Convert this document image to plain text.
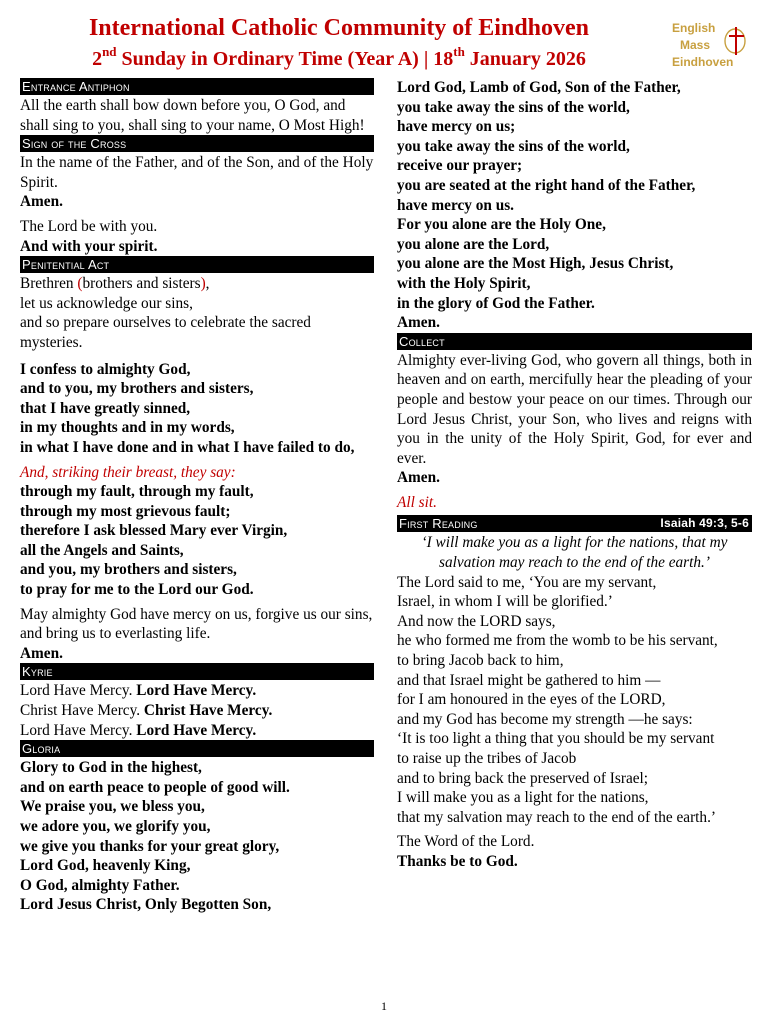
International Catholic Community of Eindhoven
2nd Sunday in Ordinary Time (Year A) | 18th January 2026
English
Mass
Eindhoven
Entrance Antiphon

All the earth shall bow down before you, O God, and shall sing to you, shall sing to your name, O Most High!

Sign of the Cross

In the name of the Father, and of the Son, and of the Holy Spirit.

Amen.

The Lord be with you.

And with your spirit.

Penitential Act

Brethren (brothers and sisters),

let us acknowledge our sins,

and so prepare ourselves to celebrate the sacred mysteries.

I confess to almighty God,

and to you, my brothers and sisters,

that I have greatly sinned,

in my thoughts and in my words,

in what I have done and in what I have failed to do,

And, striking their breast, they say:

through my fault, through my fault,

through my most grievous fault;

therefore I ask blessed Mary ever Virgin,

all the Angels and Saints,

and you, my brothers and sisters,

to pray for me to the Lord our God.

May almighty God have mercy on us, forgive us our sins, and bring us to everlasting life.

Amen.

Kyrie

Lord Have Mercy. Lord Have Mercy.

Christ Have Mercy. Christ Have Mercy.

Lord Have Mercy. Lord Have Mercy.

Gloria

Glory to God in the highest,

and on earth peace to people of good will.

We praise you, we bless you,

we adore you, we glorify you,

we give you thanks for your great glory,

Lord God, heavenly King,

O God, almighty Father.

Lord Jesus Christ, Only Begotten Son,

Lord God, Lamb of God, Son of the Father,

you take away the sins of the world,

have mercy on us;

you take away the sins of the world,

receive our prayer;

you are seated at the right hand of the Father,

have mercy on us.

For you alone are the Holy One,

you alone are the Lord,

you alone are the Most High, Jesus Christ,

with the Holy Spirit,

in the glory of God the Father.

Amen.

Collect

Almighty ever-living God, who govern all things, both in heaven and on earth, mercifully hear the pleading of your people and bestow your peace on our times. Through our Lord Jesus Christ, your Son, who lives and reigns with you in the unity of the Holy Spirit, God, for ever and ever.

Amen.

All sit.

First Reading	Isaiah 49:3, 5-6

‘I will make you as a light for the nations, that my salvation may reach to the end of the earth.’

The Lord said to me, ‘You are my servant,

Israel, in whom I will be glorified.’

And now the LORD says,

he who formed me from the womb to be his servant,

to bring Jacob back to him,

and that Israel might be gathered to him —

for I am honoured in the eyes of the LORD,

and my God has become my strength —he says:

‘It is too light a thing that you should be my servant

to raise up the tribes of Jacob

and to bring back the preserved of Israel;

I will make you as a light for the nations,

that my salvation may reach to the end of the earth.’

The Word of the Lord.

Thanks be to God.

1
